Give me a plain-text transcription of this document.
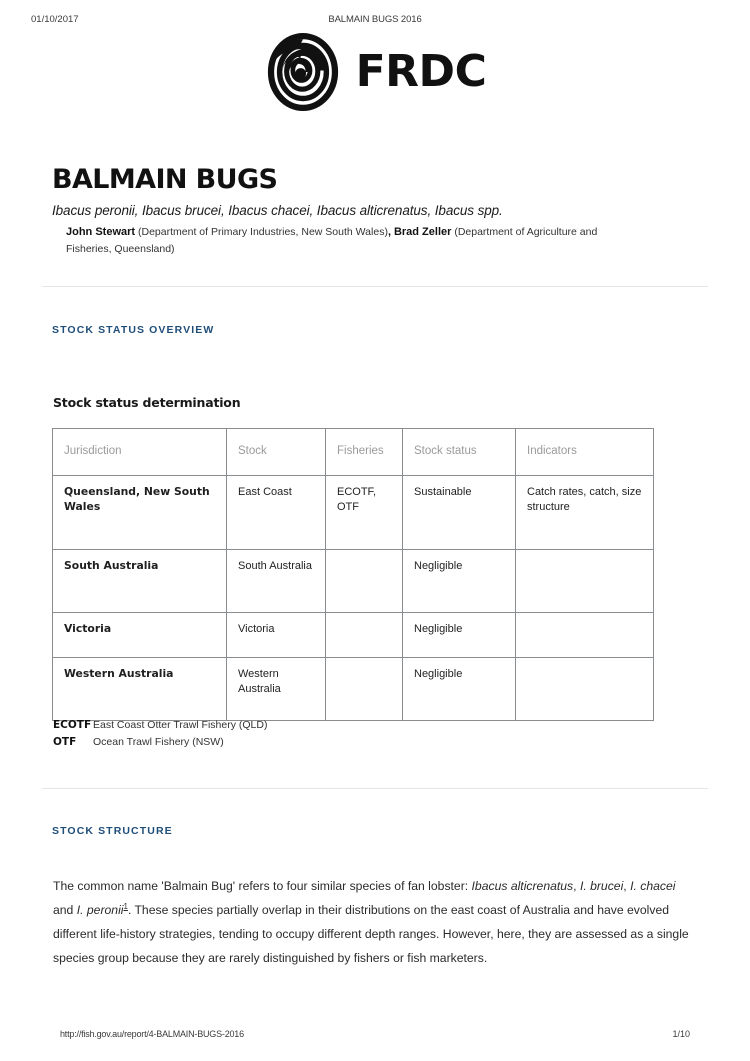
01/10/2017	BALMAIN BUGS 2016
FRDC
BALMAIN BUGS
Ibacus peronii, Ibacus brucei, Ibacus chacei, Ibacus alticrenatus, Ibacus spp.
John Stewart (Department of Primary Industries, New South Wales), Brad Zeller (Department of Agriculture and Fisheries, Queensland)
STOCK STATUS OVERVIEW
Stock status determination
Jurisdiction	Stock	Fisheries	Stock status	Indicators
Queensland, New South Wales	East Coast	ECOTF, OTF	Sustainable	Catch rates, catch, size structure
South Australia	South Australia		Negligible	
Victoria	Victoria		Negligible	
Western Australia	Western Australia		Negligible	
ECOTF East Coast Otter Trawl Fishery (QLD)
OTF Ocean Trawl Fishery (NSW)
STOCK STRUCTURE

The common name 'Balmain Bug' refers to four similar species of fan lobster: Ibacus alticrenatus, I. brucei, I. chacei and I. peronii$^1$. These species partially overlap in their distributions on the east coast of Australia and have evolved different life-history strategies, tending to occupy different depth ranges. However, here, they are assessed as a single species group because they are rarely distinguished by fishers or fish marketers.

http://fish.gov.au/report/4-BALMAIN-BUGS-2016	1/10
